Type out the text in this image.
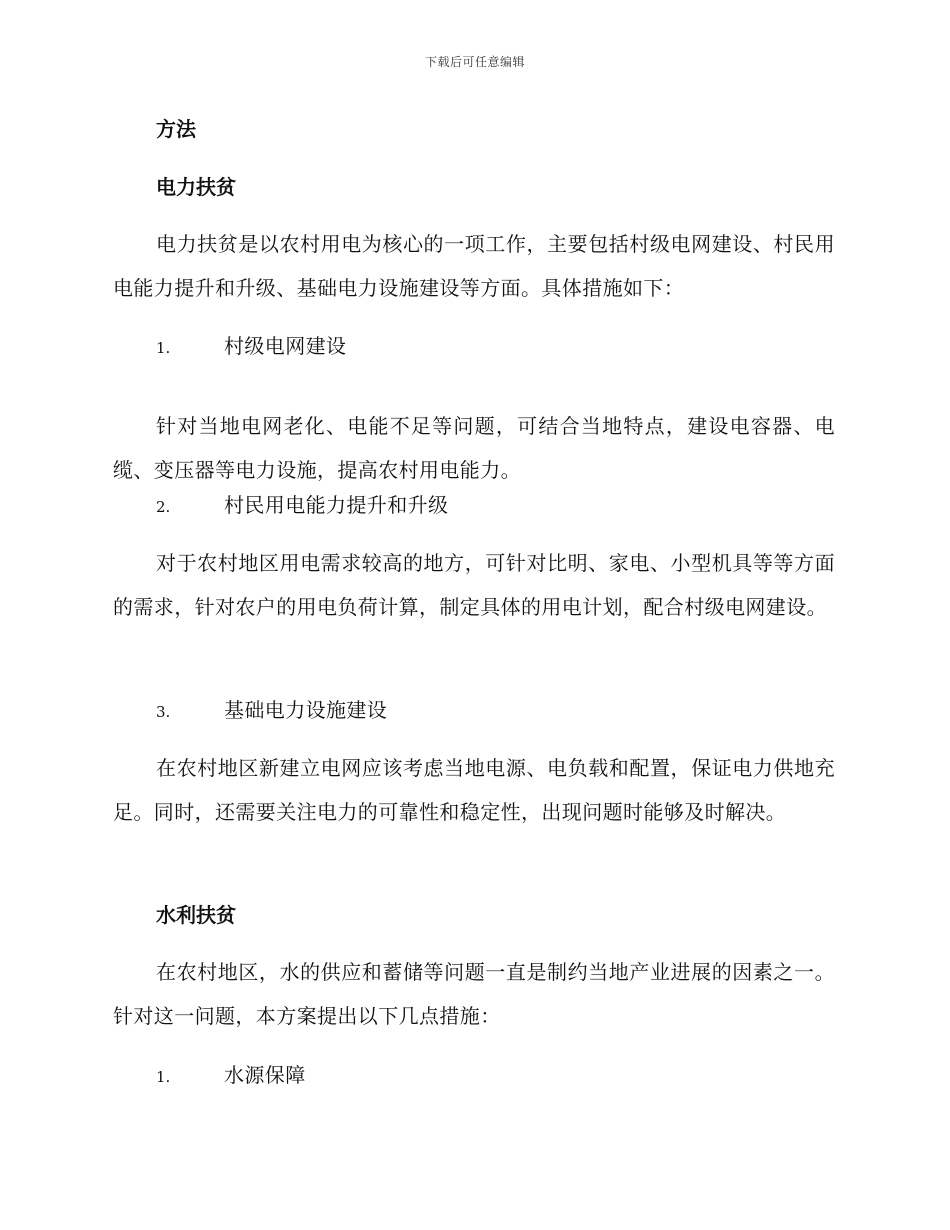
下载后可任意编辑
方法
电力扶贫
电力扶贫是以农村用电为核心的一项工作，主要包括村级电网建设、村民用电能力提升和升级、基础电力设施建设等方面。具体措施如下：
1.	村级电网建设
针对当地电网老化、电能不足等问题，可结合当地特点，建设电容器、电缆、变压器等电力设施，提高农村用电能力。
2.	村民用电能力提升和升级
对于农村地区用电需求较高的地方，可针对比明、家电、小型机具等等方面的需求，针对农户的用电负荷计算，制定具体的用电计划，配合村级电网建设。
3.	基础电力设施建设
在农村地区新建立电网应该考虑当地电源、电负载和配置，保证电力供地充足。同时，还需要关注电力的可靠性和稳定性，出现问题时能够及时解决。
水利扶贫
在农村地区，水的供应和蓄储等问题一直是制约当地产业进展的因素之一。针对这一问题，本方案提出以下几点措施：
1.	水源保障
